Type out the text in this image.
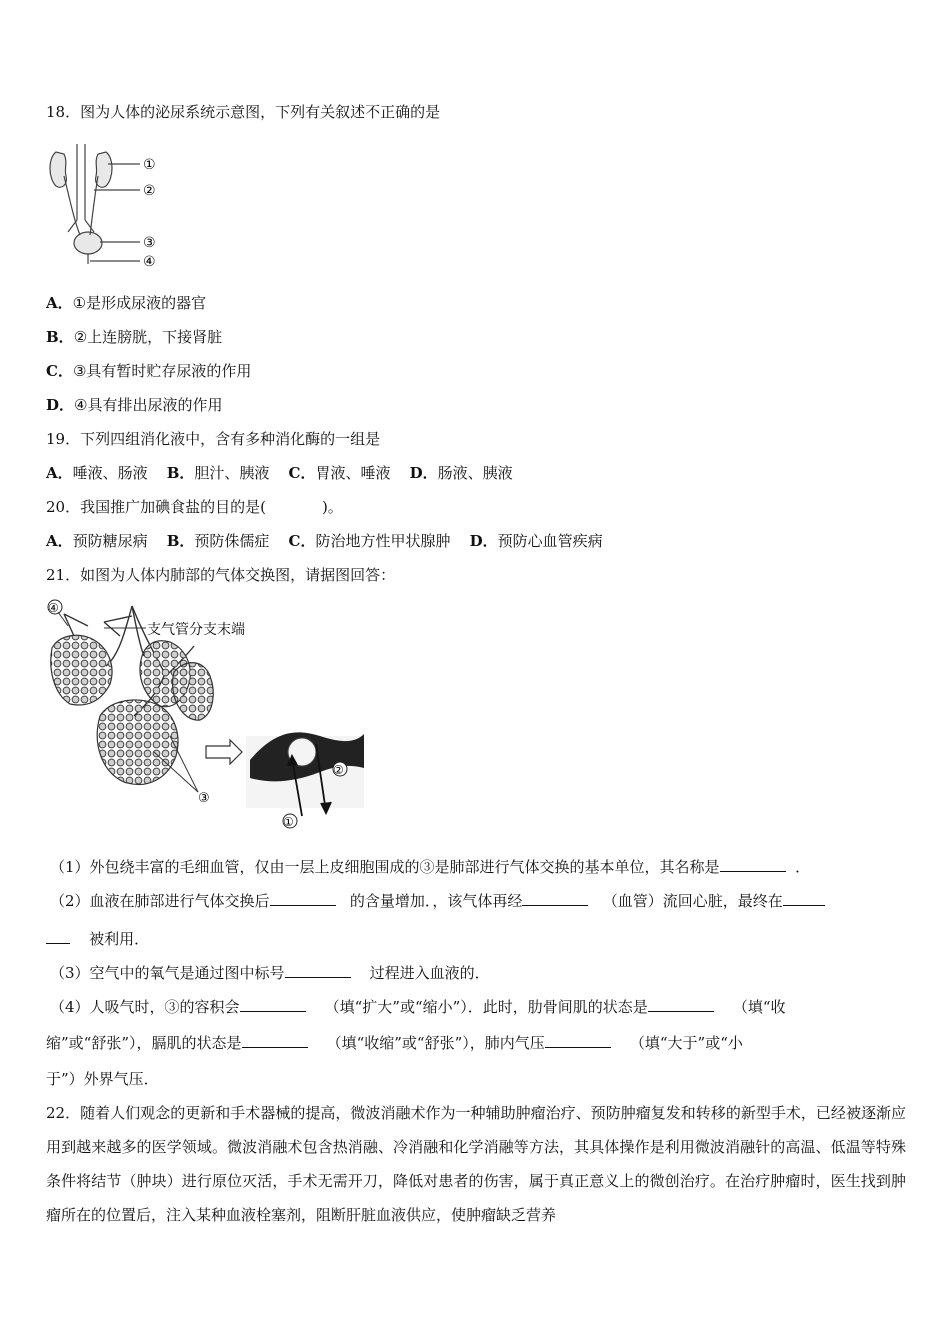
18．图为人体的泌尿系统示意图，下列有关叙述不正确的是
①
②
③
④
A．①是形成尿液的器官
B．②上连膀胱，下接肾脏
C．③具有暂时贮存尿液的作用
D．④具有排出尿液的作用
19．下列四组消化液中，含有多种消化酶的一组是
A．唾液、肠液 B．胆汁、胰液 C．胃液、唾液 D．肠液、胰液
20．我国推广加碘食盐的目的是(	)。
A．预防糖尿病 B．预防侏儒症 C．防治地方性甲状腺肿 D．预防心血管疾病
21．如图为人体内肺部的气体交换图，请据图回答：
④
支气管分支末端
③
②
①
（1）外包绕丰富的毛细血管，仅由一层上皮细胞围成的③是肺部进行气体交换的基本单位，其名称是	．
（2）血液在肺部进行气体交换后	的含量增加．，该气体再经	（血管）流回心脏，最终在
被利用．
（3）空气中的氧气是通过图中标号	过程进入血液的．
（4）人吸气时，③的容积会	（填“扩大”或“缩小”）．此时，肋骨间肌的状态是	（填“收
缩”或“舒张”），膈肌的状态是	（填“收缩”或“舒张”），肺内气压	（填“大于”或“小
于”）外界气压．
22．随着人们观念的更新和手术器械的提高，微波消融术作为一种辅助肿瘤治疗、预防肿瘤复发和转移的新型手术，已经被逐渐应用到越来越多的医学领域。微波消融术包含热消融、冷消融和化学消融等方法，其具体操作是利用微波消融针的高温、低温等特殊条件将结节（肿块）进行原位灭活，手术无需开刀，降低对患者的伤害，属于真正意义上的微创治疗。在治疗肿瘤时，医生找到肿瘤所在的位置后，注入某种血液栓塞剂，阻断肝脏血液供应，使肿瘤缺乏营养
